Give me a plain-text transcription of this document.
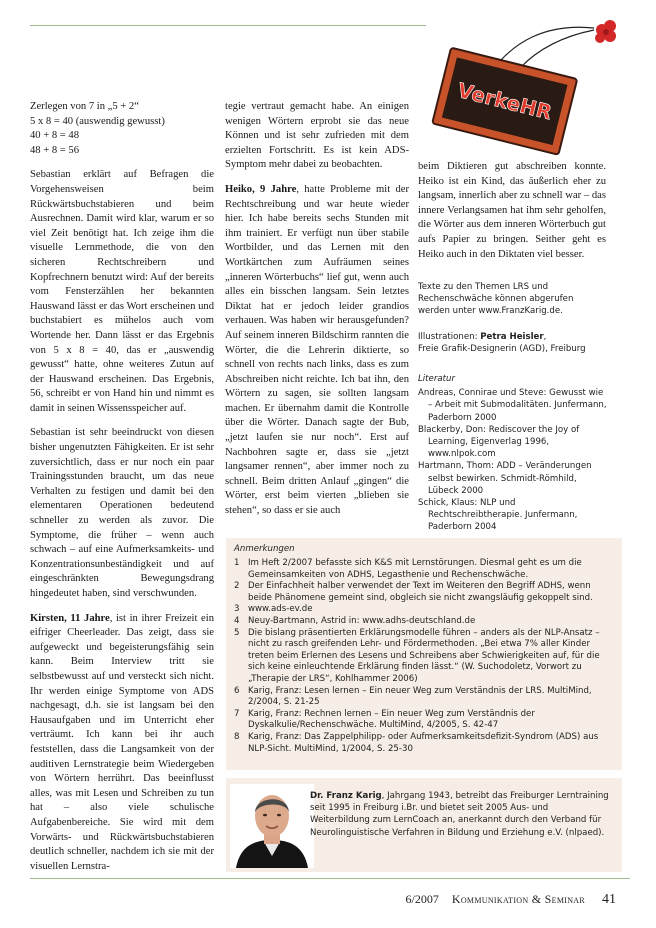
VerkeHR

Zerlegen von 7 in „5 + 2“

5 x 8 = 40 (auswendig gewusst)

40 + 8 = 48

48 + 8 = 56

Sebastian erklärt auf Befragen die Vorgehensweisen beim Rückwärtsbuchstabieren und beim Ausrechnen. Damit wird klar, warum er so viel Zeit benötigt hat. Ich zeige ihm die visuelle Lernmethode, die von den sicheren Rechtschreibern und Kopfrechnern benutzt wird: Auf der bereits vom Fensterzählen her bekannten Hauswand lässt er das Wort erscheinen und buchstabiert es mühelos auch vom Wortende her. Dann lässt er das Ergebnis von 5 x 8 = 40, das er „auswendig gewusst“ hatte, ohne weiteres Zutun auf der Hauswand erscheinen. Das Ergebnis, 56, schreibt er von Hand hin und nimmt es damit in seinen Wissensspeicher auf.

Sebastian ist sehr beeindruckt von diesen bisher ungenutzten Fähigkeiten. Er ist sehr zuversichtlich, dass er nur noch ein paar Trainingsstunden braucht, um das neue Verhalten zu festigen und damit bei den elementaren Operationen bedeutend schneller zu werden als zuvor. Die Symptome, die früher – wenn auch schwach – auf eine Aufmerksamkeits- und Konzentrationsunbeständigkeit und auf eingeschränkten Bewegungsdrang hingedeutet haben, sind verschwunden.

Kirsten, 11 Jahre, ist in ihrer Freizeit ein eifriger Cheerleader. Das zeigt, dass sie aufgeweckt und begeisterungsfähig sein kann. Beim Interview tritt sie selbstbewusst auf und versteckt sich nicht. Ihr werden einige Symptome von ADS nachgesagt, d.h. sie ist langsam bei den Hausaufgaben und im Unterricht eher verträumt. Ich kann bei ihr auch feststellen, dass die Langsamkeit von der auditiven Lernstrategie beim Wiedergeben von Wörtern herrührt. Das beeinflusst alles, was mit Lesen und Schreiben zu tun hat – also viele schulische Aufgabenbereiche. Sie wird mit dem Vorwärts- und Rückwärtsbuchstabieren deutlich schneller, nachdem ich sie mit der visuellen Lernstra-

tegie vertraut gemacht habe. An einigen wenigen Wörtern erprobt sie das neue Können und ist sehr zufrieden mit dem erzielten Fortschritt. Es ist kein ADS-Symptom mehr dabei zu beobachten.

Heiko, 9 Jahre, hatte Probleme mit der Rechtschreibung und war heute wieder hier. Ich habe bereits sechs Stunden mit ihm trainiert. Er verfügt nun über stabile Wortbilder, und das Lernen mit den Wortkärtchen zum Aufräumen seines „inneren Wörterbuchs“ lief gut, wenn auch alles ein bisschen langsam. Sein letztes Diktat hat er jedoch leider grandios verhauen. Was haben wir herausgefunden? Auf seinem inneren Bildschirm rannten die Wörter, die die Lehrerin diktierte, so schnell von rechts nach links, dass es zum Abschreiben nicht reichte. Ich bat ihn, den Wörtern zu sagen, sie sollten langsam machen. Er übernahm damit die Kontrolle über die Wörter. Danach sagte der Bub, „jetzt laufen sie nur noch“. Erst auf Nachbohren sagte er, dass sie „jetzt langsamer rennen“, aber immer noch zu schnell. Beim dritten Anlauf „gingen“ die Wörter, erst beim vierten „blieben sie stehen“, so dass er sie auch

beim Diktieren gut abschreiben konnte. Heiko ist ein Kind, das äußerlich eher zu langsam, innerlich aber zu schnell war – das innere Verlangsamen hat ihm sehr geholfen, die Wörter aus dem inneren Wörterbuch gut aufs Papier zu bringen. Seither geht es Heiko auch in den Diktaten viel besser.

Texte zu den Themen LRS und Rechenschwäche können abgerufen werden unter www.FranzKarig.de.
Illustrationen: Petra Heisler,
Freie Grafik-Designerin (AGD), Freiburg
Literatur

Andreas, Connirae und Steve: Gewusst wie – Arbeit mit Submodalitäten. Junfermann, Paderborn 2000

Blackerby, Don: Rediscover the Joy of Learning, Eigenverlag 1996, www.nlpok.com

Hartmann, Thom: ADD – Veränderungen selbst bewirken. Schmidt-Römhild, Lübeck 2000

Schick, Klaus: NLP und Rechtschreibtherapie. Junfermann, Paderborn 2004

Anmerkungen
1 Im Heft 2/2007 befasste sich K&S mit Lernstörungen. Diesmal geht es um die Gemeinsamkeiten von ADHS, Legasthenie und Rechenschwäche.
2 Der Einfachheit halber verwendet der Text im Weiteren den Begriff ADHS, wenn beide Phänomene gemeint sind, obgleich sie nicht zwangsläufig gekoppelt sind.
3 www.ads-ev.de
4 Neuy-Bartmann, Astrid in: www.adhs-deutschland.de
5 Die bislang präsentierten Erklärungsmodelle führen – anders als der NLP-Ansatz – nicht zu rasch greifenden Lehr- und Fördermethoden. „Bei etwa 7% aller Kinder treten beim Erlernen des Lesens und Schreibens aber Schwierigkeiten auf, für die sich keine einleuchtende Erklärung finden lässt.“ (W. Suchodoletz, Vorwort zu „Therapie der LRS“, Kohlhammer 2006)
6 Karig, Franz: Lesen lernen – Ein neuer Weg zum Verständnis der LRS. MultiMind, 2/2004, S. 21-25
7 Karig, Franz: Rechnen lernen – Ein neuer Weg zum Verständnis der Dyskalkulie/Rechenschwäche. MultiMind, 4/2005, S. 42-47
8 Karig, Franz: Das Zappelphilipp- oder Aufmerksamkeitsdefizit-Syndrom (ADS) aus NLP-Sicht. MultiMind, 1/2004, S. 25-30
Dr. Franz Karig, Jahrgang 1943, betreibt das Freiburger Lerntraining seit 1995 in Freiburg i.Br. und bietet seit 2005 Aus- und Weiterbildung zum LernCoach an, anerkannt durch den Verband für Neurolinguistische Verfahren in Bildung und Erziehung e.V. (nlpaed).
6/2007 Kommunikation & Seminar 41
